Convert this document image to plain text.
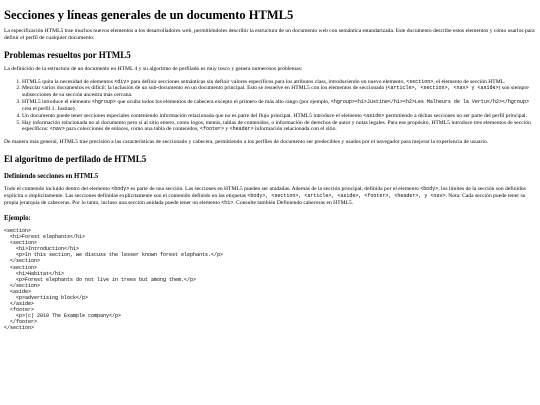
Secciones y líneas generales de un documento HTML5

La especificación HTML5 trae muchos nuevos elementos a los desarrolladores web, permitiéndoles describir la estructura de un documento web con semántica estandarizada. Este documento describe estos elementos y cómo usarlos para definir el perfil de cualquier documento.

Problemas resueltos por HTML5

La definición de la estructura de un documento en HTML 4 y su algoritmo de perfilado es muy tosco y genera numerosos problemas:

1. HTML5 quita la necesidad de elementos <div> para definir secciones semánticas sin definir valores específicos para los atributos class, introduciendo un nuevo elemento, <section>, el elemento de sección HTML.
2. Mezclar varios documentos es difícil: la inclusión de un sub-documento en un documento principal. Esto se resuelve en HTML5 con los elementos de seccionado (<article>, <section>, <nav> y <aside>) son siempre subsecciones de su sección ancestra más cercana.
3. HTML5 introduce el elemento <hgroup> que oculta todos los elementos de cabecera excepto el primero de más alto rango (por ejemplo, <hgroup><h1>Justine</h1><h2>Les Malheurs de la Vertu</h2></hgroup> crea el perfil 1. Justine).
4. Un documento puede tener secciones especiales conteniendo información relacionada que no es parte del flujo principal. HTML5 introduce el elemento <aside> permitiendo a dichas secciones no ser parte del perfil principal.
5. Hay información relacionada no al documento pero sí al sitio entero, como logos, menús, tablas de contenidos, o información de derechos de autor y notas legales. Para ese propósito, HTML5 introduce tres elementos de sección específicos: <nav> para colecciones de enlaces, como una tabla de contenidos, <footer> y <header> información relacionada con el sitio.

De manera más general, HTML5 trae precisión a las características de seccionado y cabecera, permitiendo a los perfiles de documento ser predecibles y usados por el navegador para mejorar la experiencia de usuario.

El algoritmo de perfilado de HTML5
Definiendo secciones en HTML5

Todo el contenido incluido dentro del elemento <body> es parte de una sección. Las secciones en HTML5 pueden ser anidadas. Además de la sección principal, definida por el elemento <body>, los límites de la sección son definidos explícita o implícitamente. Las secciones definidas explícitamente son el contenido definido en las etiquetas <body>, <section>, <article>, <aside>, <footer>, <header>, y <nav>. Nota: Cada sección puede tener su propia jerarquía de cabeceras. Por lo tanto, incluso una sección anidada puede tener un elemento <h1>. Consulte también Definiendo cabeceras en HTML5.

Ejemplo:
<section>
<h1>Forest elephants</h1>
<section>
<h1>Introduction</h1>
<p>In this section, we discuss the lesser known forest elephants.</p>
</section>
<section>
<h1>Habitat</h1>
<p>Forest elephants do not live in trees but among them.</p>
</section>
<aside>
<p>advertising block</p>
</aside>
<footer>
<p>(c) 2010 The Example company</p>
</footer>
</section>
